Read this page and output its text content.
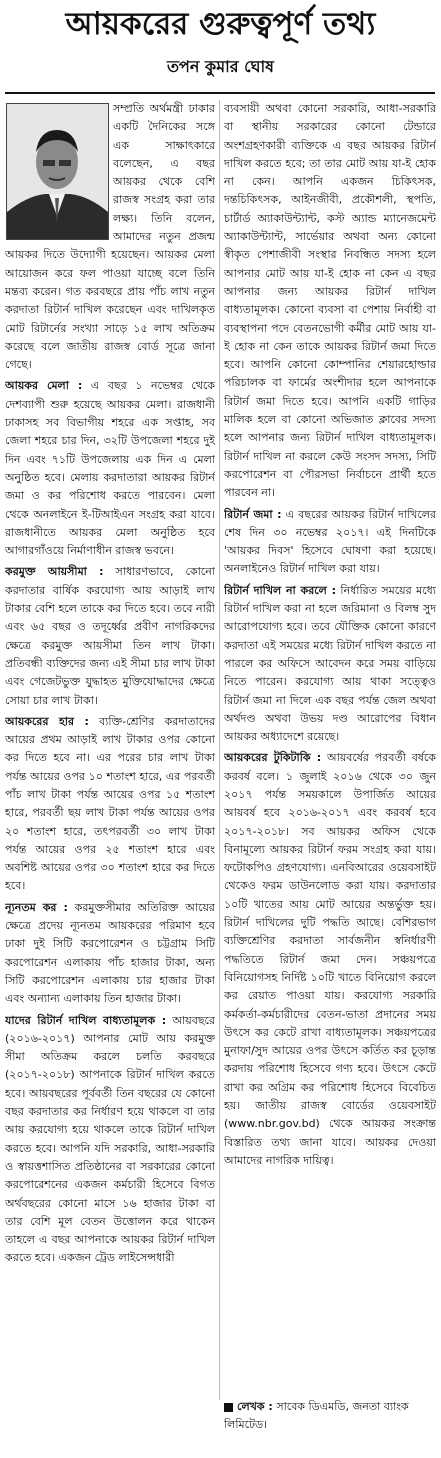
আয়করের গুরুত্বপূর্ণ তথ্য
তপন কুমার ঘোষ

সম্প্রতি অর্থমন্ত্রী ঢাকার একটি দৈনিকের সঙ্গে এক সাক্ষাৎকারে বলেছেন, এ বছর আয়কর থেকে বেশি রাজস্ব সংগ্রহ করা তার লক্ষ্য। তিনি বলেন, আমাদের নতুন প্রজন্ম আয়কর দিতে উদ্যোগী হয়েছেন। আয়কর মেলা আয়োজন করে ফল পাওয়া যাচ্ছে বলে তিনি মন্তব্য করেন। গত করবছরে প্রায় পাঁচ লাখ নতুন করদাতা রিটার্ন দাখিল করেছেন এবং দাখিলকৃত মোট রিটার্নের সংখ্যা সাড়ে ১৫ লাখ অতিক্রম করেছে বলে জাতীয় রাজস্ব বোর্ড সূত্রে জানা গেছে।

আয়কর মেলা : এ বছর ১ নভেম্বর থেকে দেশব্যাপী শুরু হয়েছে আয়কর মেলা। রাজধানী ঢাকাসহ সব বিভাগীয় শহরে এক সপ্তাহ, সব জেলা শহরে চার দিন, ৩২টি উপজেলা শহরে দুই দিন এবং ৭১টি উপজেলায় এক দিন এ মেলা অনুষ্ঠিত হবে। মেলায় করদাতারা আয়কর রিটার্ন জমা ও কর পরিশোধ করতে পারবেন। মেলা থেকে অনলাইনে ই-টিআইএন সংগ্রহ করা যাবে। রাজধানীতে আয়কর মেলা অনুষ্ঠিত হবে আগারগাঁওয়ে নির্মাণাধীন রাজস্ব ভবনে।

করমুক্ত আয়সীমা : সাধারণভাবে, কোনো করদাতার বার্ষিক করযোগ্য আয় আড়াই লাখ টাকার বেশি হলে তাকে কর দিতে হবে। তবে নারী এবং ৬৫ বছর ও তদূর্ধ্বের প্রবীণ নাগরিকদের ক্ষেত্রে করমুক্ত আয়সীমা তিন লাখ টাকা। প্রতিবন্ধী ব্যক্তিদের জন্য এই সীমা চার লাখ টাকা এবং গেজেটভুক্ত যুদ্ধাহত মুক্তিযোদ্ধাদের ক্ষেত্রে সোয়া চার লাখ টাকা।

আয়করের হার : ব্যক্তি-শ্রেণির করদাতাদের আয়ের প্রথম আড়াই লাখ টাকার ওপর কোনো কর দিতে হবে না। এর পরের চার লাখ টাকা পর্যন্ত আয়ের ওপর ১০ শতাংশ হারে, এর পরবর্তী পাঁচ লাখ টাকা পর্যন্ত আয়ের ওপর ১৫ শতাংশ হারে, পরবর্তী ছয় লাখ টাকা পর্যন্ত আয়ের ওপর ২০ শতাংশ হারে, তৎপরবর্তী ৩০ লাখ টাকা পর্যন্ত আয়ের ওপর ২৫ শতাংশ হারে এবং অবশিষ্ট আয়ের ওপর ৩০ শতাংশ হারে কর দিতে হবে।

ন্যূনতম কর : করমুক্তসীমার অতিরিক্ত আয়ের ক্ষেত্রে প্রদেয় ন্যূনতম আয়করের পরিমাণ হবে ঢাকা দুই সিটি করপোরেশন ও চট্টগ্রাম সিটি করপোরেশন এলাকায় পাঁচ হাজার টাকা, অন্য সিটি করপোরেশন এলাকায় চার হাজার টাকা এবং অন্যান্য এলাকায় তিন হাজার টাকা।

যাদের রিটার্ন দাখিল বাধ্যতামূলক : আয়বছরে (২০১৬-২০১৭) আপনার মোট আয় করমুক্ত সীমা অতিক্রম করলে চলতি করবছরে (২০১৭-২০১৮) আপনাকে রিটার্ন দাখিল করতে হবে। আয়বছরের পূর্ববর্তী তিন বছরের যে কোনো বছর করদাতার কর নির্ধারণ হয়ে থাকলে বা তার আয় করযোগ্য হয়ে থাকলে তাকে রিটার্ন দাখিল করতে হবে। আপনি যদি সরকারি, আধা-সরকারি ও স্বায়ত্তশাসিত প্রতিষ্ঠানের বা সরকারের কোনো করপোরেশনের একজন কর্মচারী হিসেবে বিগত অর্থবছরের কোনো মাসে ১৬ হাজার টাকা বা তার বেশি মূল বেতন উত্তোলন করে থাকেন তাহলে এ বছর আপনাকে আয়কর রিটার্ন দাখিল করতে হবে। একজন ট্রেড লাইসেন্সধারী

ব্যবসায়ী অথবা কোনো সরকারি, আধা-সরকারি বা স্থানীয় সরকারের কোনো টেন্ডারে অংশগ্রহণকারী ব্যক্তিকে এ বছর আয়কর রিটার্ন দাখিল করতে হবে; তা তার মোট আয় যা-ই হোক না কেন। আপনি একজন চিকিৎসক, দন্তচিকিৎসক, আইনজীবী, প্রকৌশলী, স্থপতি, চার্টার্ড অ্যাকাউন্ট্যান্ট, কস্ট অ্যান্ড ম্যানেজমেন্ট অ্যাকাউন্ট্যান্ট, সার্ভেয়ার অথবা অন্য কোনো স্বীকৃত পেশাজীবী সংস্থার নিবন্ধিত সদস্য হলে আপনার মোট আয় যা-ই হোক না কেন এ বছর আপনার জন্য আয়কর রিটার্ন দাখিল বাধ্যতামূলক। কোনো ব্যবসা বা পেশায় নির্বাহী বা ব্যবস্থাপনা পদে বেতনভোগী কর্মীর মোট আয় যা-ই হোক না কেন তাকে আয়কর রিটার্ন জমা দিতে হবে। আপনি কোনো কোম্পানির শেয়ারহোল্ডার পরিচালক বা ফার্মের অংশীদার হলে আপনাকে রিটার্ন জমা দিতে হবে। আপনি একটি গাড়ির মালিক হলে বা কোনো অভিজাত ক্লাবের সদস্য হলে আপনার জন্য রিটার্ন দাখিল বাধ্যতামূলক। রিটার্ন দাখিল না করলে কেউ সংসদ সদস্য, সিটি করপোরেশন বা পৌরসভা নির্বাচনে প্রার্থী হতে পারবেন না।

রিটার্ন জমা : এ বছরের আয়কর রিটার্ন দাখিলের শেষ দিন ৩০ নভেম্বর ২০১৭। এই দিনটিকে 'আয়কর দিবস' হিসেবে ঘোষণা করা হয়েছে। অনলাইনেও রিটার্ন দাখিল করা যায়।

রিটার্ন দাখিল না করলে : নির্ধারিত সময়ের মধ্যে রিটার্ন দাখিল করা না হলে জরিমানা ও বিলম্ব সুদ আরোপযোগ্য হবে। তবে যৌক্তিক কোনো কারণে করদাতা এই সময়ের মধ্যে রিটার্ন দাখিল করতে না পারলে কর অফিসে আবেদন করে সময় বাড়িয়ে নিতে পারেন। করযোগ্য আয় থাকা সত্ত্বেও রিটার্ন জমা না দিলে এক বছর পর্যন্ত জেল অথবা অর্থদণ্ড অথবা উভয় দণ্ড আরোপের বিধান আয়কর অধ্যাদেশে রয়েছে।

আয়করের টুকিটাকি : আয়বর্ষের পরবর্তী বর্ষকে করবর্ষ বলে। ১ জুলাই ২০১৬ থেকে ৩০ জুন ২০১৭ পর্যন্ত সময়কালে উপার্জিত আয়ের আয়বর্ষ হবে ২০১৬-২০১৭ এবং করবর্ষ হবে ২০১৭-২০১৮। সব আয়কর অফিস থেকে বিনামূল্যে আয়কর রিটার্ন ফরম সংগ্রহ করা যায়। ফটোকপিও গ্রহণযোগ্য। এনবিআরের ওয়েবসাইট থেকেও ফরম ডাউনলোড করা যায়। করদাতার ১০টি খাতের আয় মোট আয়ের অন্তর্ভুক্ত হয়। রিটার্ন দাখিলের দুটি পদ্ধতি আছে। বেশিরভাগ ব্যক্তিশ্রেণির করদাতা সার্বজনীন স্বনির্ধারণী পদ্ধতিতে রিটার্ন জমা দেন। সঞ্চয়পত্রে বিনিয়োগসহ নির্দিষ্ট ১০টি খাতে বিনিয়োগ করলে কর রেয়াত পাওয়া যায়। করযোগ্য সরকারি কর্মকর্তা-কর্মচারীদের বেতন-ভাতা প্রদানের সময় উৎসে কর কেটে রাখা বাধ্যতামূলক। সঞ্চয়পত্রের মুনাফা/সুদ আয়ের ওপর উৎসে কর্তিত কর চূড়ান্ত করদায় পরিশোধ হিসেবে গণ্য হবে। উৎসে কেটে রাখা কর অগ্রিম কর পরিশোধ হিসেবে বিবেচিত হয়। জাতীয় রাজস্ব বোর্ডের ওয়েবসাইট (www.nbr.gov.bd) থেকে আয়কর সংক্রান্ত বিস্তারিত তথ্য জানা যাবে। আয়কর দেওয়া আমাদের নাগরিক দায়িত্ব।

লেখক : সাবেক ডিএমডি, জনতা ব্যাংক লিমিটেড।
